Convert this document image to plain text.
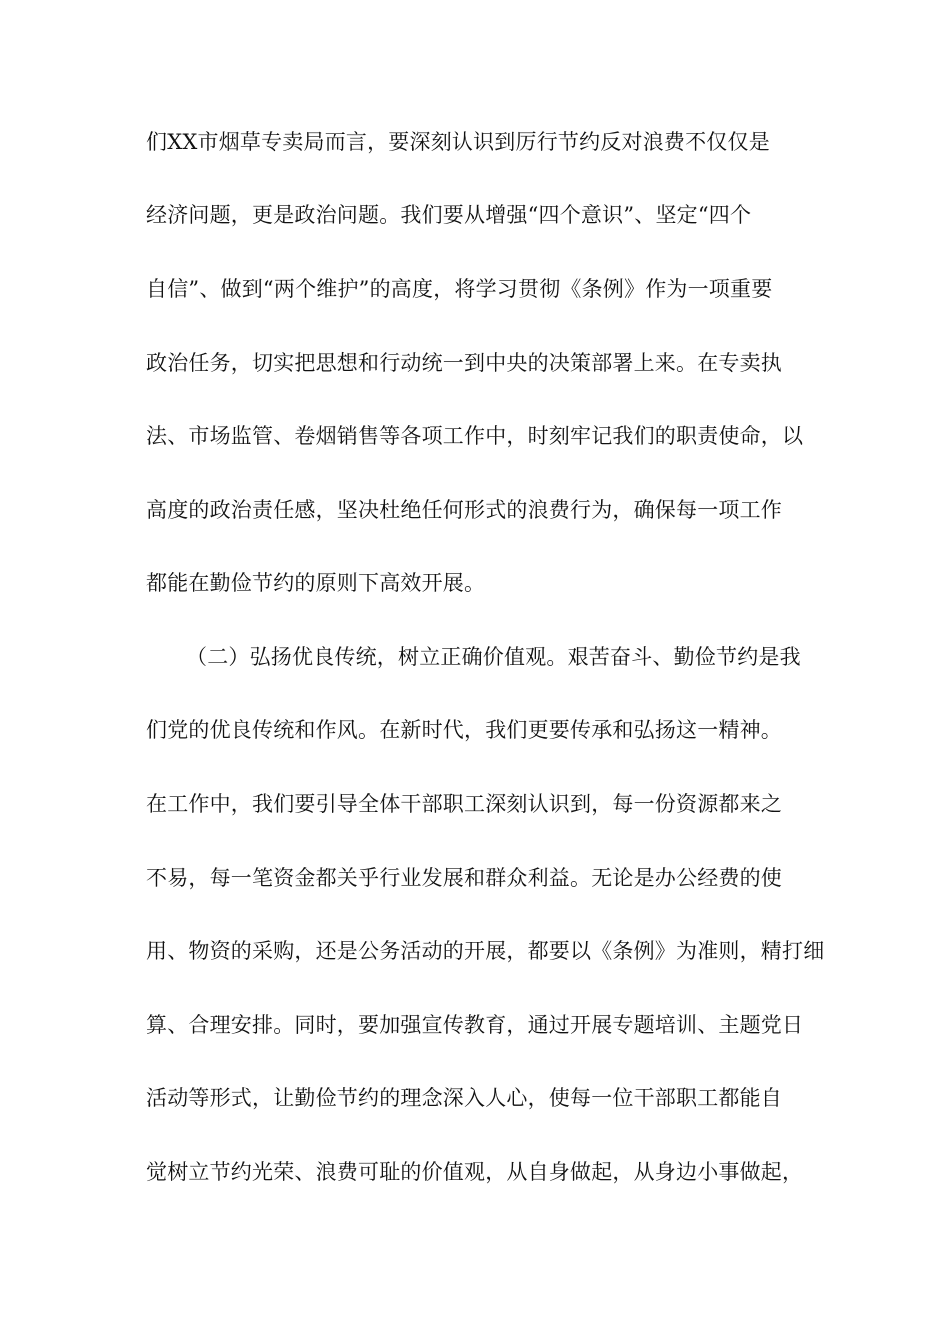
们XX市烟草专卖局而言，要深刻认识到厉行节约反对浪费不仅仅是
经济问题，更是政治问题。我们要从增强“四个意识”、坚定“四个
自信”、做到“两个维护”的高度，将学习贯彻《条例》作为一项重要
政治任务，切实把思想和行动统一到中央的决策部署上来。在专卖执
法、市场监管、卷烟销售等各项工作中，时刻牢记我们的职责使命，以
高度的政治责任感，坚决杜绝任何形式的浪费行为，确保每一项工作
都能在勤俭节约的原则下高效开展。
（二）弘扬优良传统，树立正确价值观。艰苦奋斗、勤俭节约是我
们党的优良传统和作风。在新时代，我们更要传承和弘扬这一精神。
在工作中，我们要引导全体干部职工深刻认识到，每一份资源都来之
不易，每一笔资金都关乎行业发展和群众利益。无论是办公经费的使
用、物资的采购，还是公务活动的开展，都要以《条例》为准则，精打细
算、合理安排。同时，要加强宣传教育，通过开展专题培训、主题党日
活动等形式，让勤俭节约的理念深入人心，使每一位干部职工都能自
觉树立节约光荣、浪费可耻的价值观，从自身做起，从身边小事做起，
